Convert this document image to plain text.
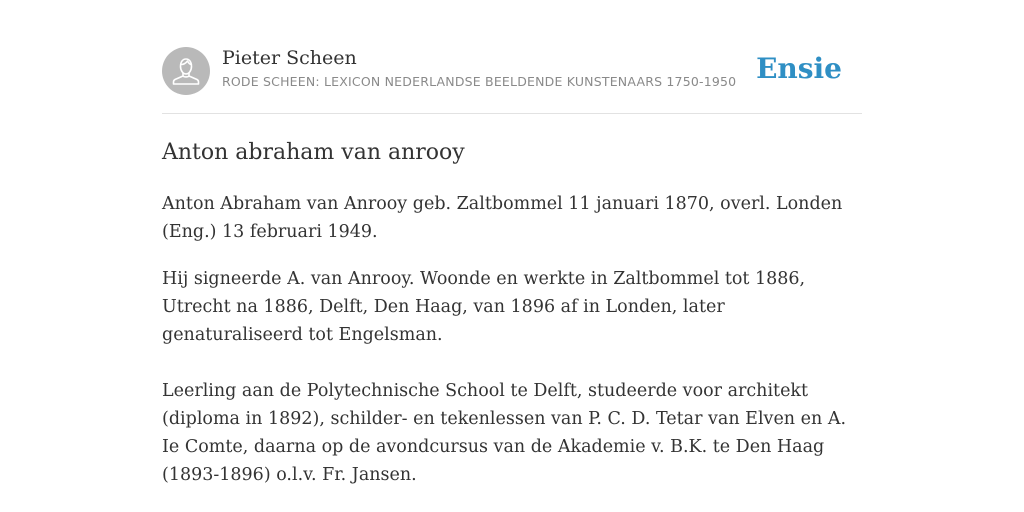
Pieter Scheen
RODE SCHEEN: LEXICON NEDERLANDSE BEELDENDE KUNSTENAARS 1750-1950 Ensie
Anton abraham van anrooy

Anton Abraham van Anrooy geb. Zaltbommel 11 januari 1870, overl. Londen (Eng.) 13 februari 1949.

Hij signeerde A. van Anrooy. Woonde en werkte in Zaltbommel tot 1886, Utrecht na 1886, Delft, Den Haag, van 1896 af in Londen, later genaturaliseerd tot Engelsman.

Leerling aan de Polytechnische School te Delft, studeerde voor architekt (diploma in 1892), schilder- en tekenlessen van P. C. D. Tetar van Elven en A. Ie Comte, daarna op de avondcursus van de Akademie v. B.K. te Den Haag (1893-1896) o.l.v. Fr. Jansen.
